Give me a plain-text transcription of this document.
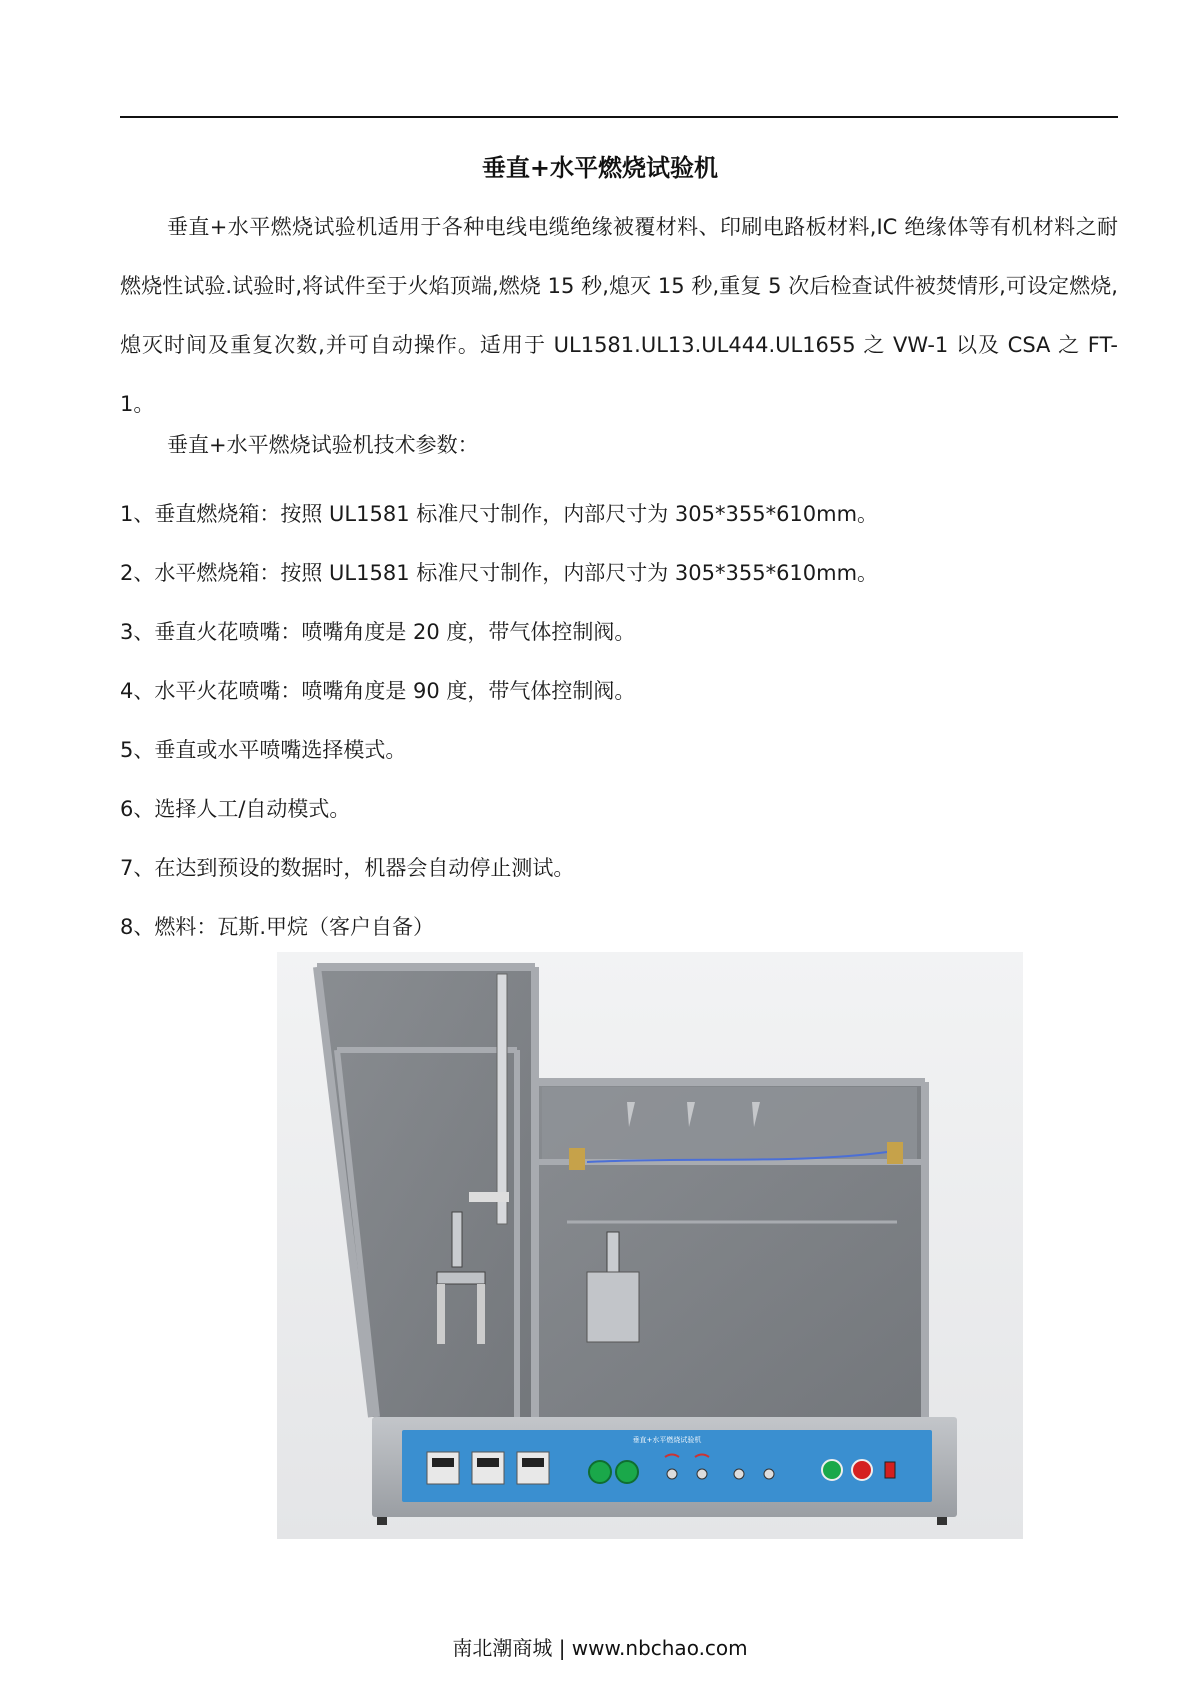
垂直+水平燃烧试验机

垂直+水平燃烧试验机适用于各种电线电缆绝缘被覆材料、印刷电路板材料,IC 绝缘体等有机材料之耐燃烧性试验.试验时,将试件至于火焰顶端,燃烧 15 秒,熄灭 15 秒,重复 5 次后检查试件被焚情形,可设定燃烧,熄灭时间及重复次数,并可自动操作。适用于 UL1581.UL13.UL444.UL1655 之 VW-1 以及 CSA 之 FT-1。

垂直+水平燃烧试验机技术参数：

1、垂直燃烧箱：按照 UL1581 标准尺寸制作，内部尺寸为 305*355*610mm。
2、水平燃烧箱：按照 UL1581 标准尺寸制作，内部尺寸为 305*355*610mm。
3、垂直火花喷嘴：喷嘴角度是 20 度，带气体控制阀。
4、水平火花喷嘴：喷嘴角度是 90 度，带气体控制阀。
5、垂直或水平喷嘴选择模式。
6、选择人工/自动模式。
7、在达到预设的数据时，机器会自动停止测试。
8、燃料：瓦斯.甲烷（客户自备）
垂直+水平燃烧试验机
南北潮商城 | www.nbchao.com
